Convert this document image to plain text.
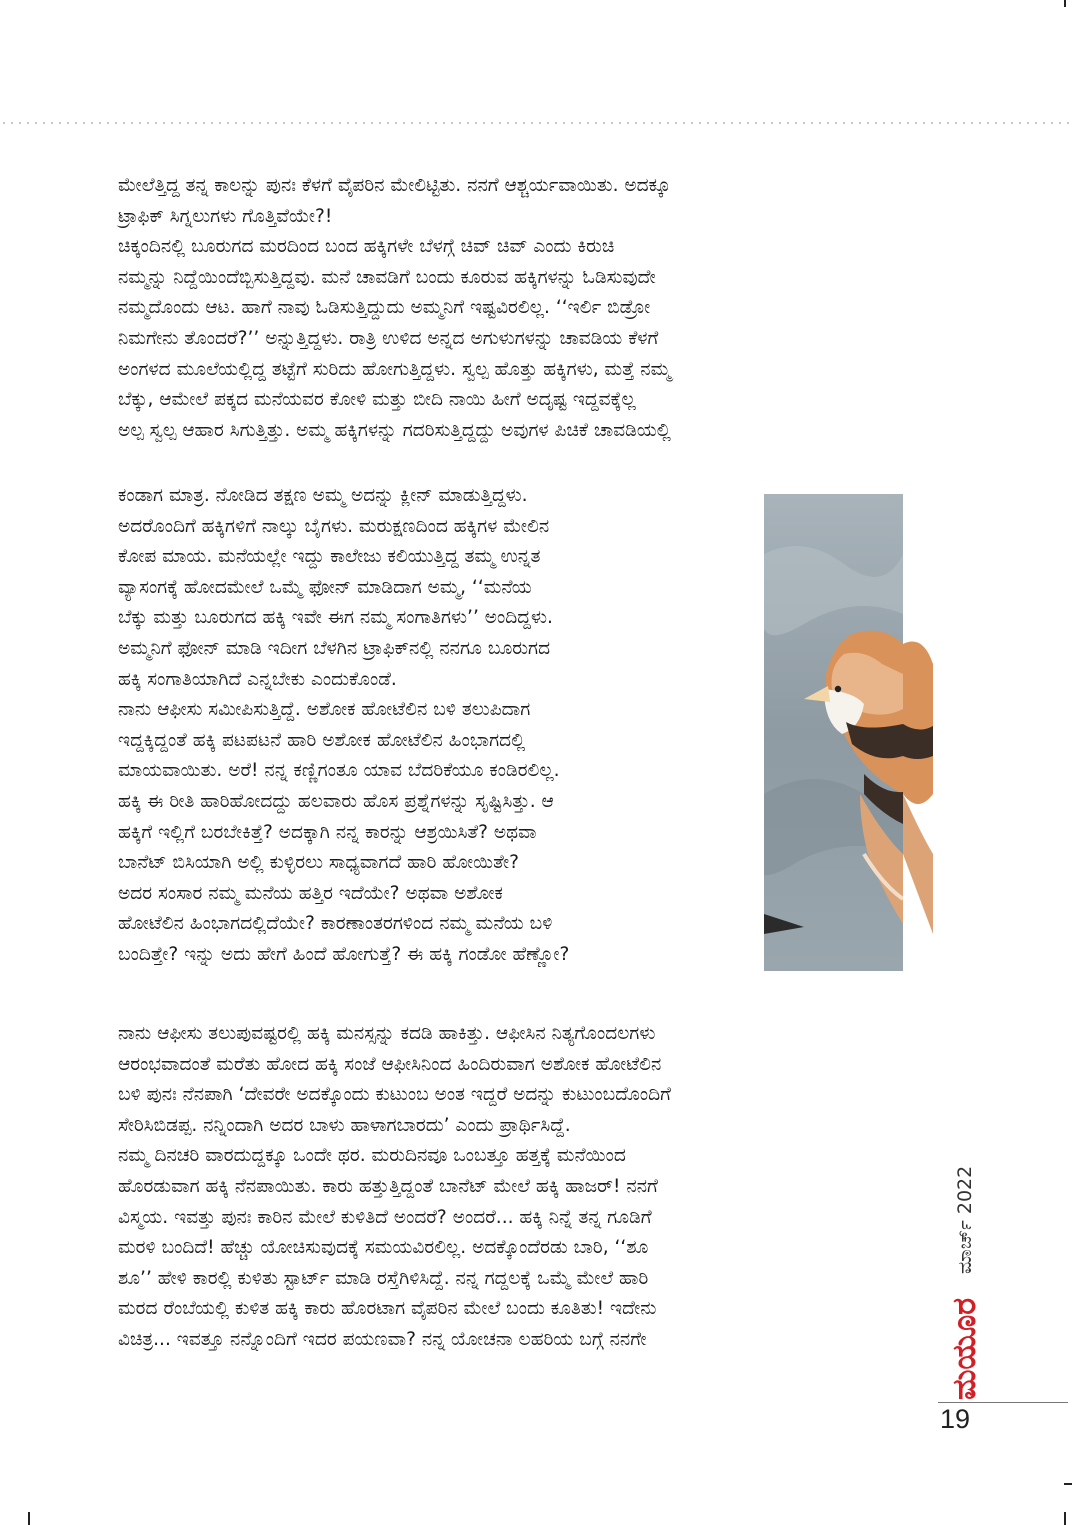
ಮೇಲೆತ್ತಿದ್ದ ತನ್ನ ಕಾಲನ್ನು ಪುನಃ ಕೆಳಗೆ ವೈಪರಿನ ಮೇಲಿಟ್ಟಿತು. ನನಗೆ ಆಶ್ಚರ್ಯವಾಯಿತು. ಅದಕ್ಕೂ
ಟ್ರಾಫಿಕ್ ಸಿಗ್ನಲುಗಳು ಗೊತ್ತಿವೆಯೇ?!
ಚಿಕ್ಕಂದಿನಲ್ಲಿ ಬೂರುಗದ ಮರದಿಂದ ಬಂದ ಹಕ್ಕಿಗಳೇ ಬೆಳಗ್ಗೆ ಚಿವ್ ಚಿವ್ ಎಂದು ಕಿರುಚಿ
ನಮ್ಮನ್ನು ನಿದ್ದೆಯಿಂದೆಬ್ಬಿಸುತ್ತಿದ್ದವು. ಮನೆ ಚಾವಡಿಗೆ ಬಂದು ಕೂರುವ ಹಕ್ಕಿಗಳನ್ನು ಓಡಿಸುವುದೇ
ನಮ್ಮದೊಂದು ಆಟ. ಹಾಗೆ ನಾವು ಓಡಿಸುತ್ತಿದ್ದುದು ಅಮ್ಮನಿಗೆ ಇಷ್ಟವಿರಲಿಲ್ಲ. ‘‘ಇರ್ಲಿ ಬಿಡ್ರೋ
ನಿಮಗೇನು ತೊಂದರೆ?’’ ಅನ್ನುತ್ತಿದ್ದಳು. ರಾತ್ರಿ ಉಳಿದ ಅನ್ನದ ಅಗುಳುಗಳನ್ನು ಚಾವಡಿಯ ಕೆಳಗೆ
ಅಂಗಳದ ಮೂಲೆಯಲ್ಲಿದ್ದ ತಟ್ಟೆಗೆ ಸುರಿದು ಹೋಗುತ್ತಿದ್ದಳು. ಸ್ವಲ್ಪ ಹೊತ್ತು ಹಕ್ಕಿಗಳು, ಮತ್ತೆ ನಮ್ಮ
ಬೆಕ್ಕು, ಆಮೇಲೆ ಪಕ್ಕದ ಮನೆಯವರ ಕೋಳಿ ಮತ್ತು ಬೀದಿ ನಾಯಿ ಹೀಗೆ ಅದೃಷ್ಟ ಇದ್ದವಕ್ಕೆಲ್ಲ
ಅಲ್ಪ ಸ್ವಲ್ಪ ಆಹಾರ ಸಿಗುತ್ತಿತ್ತು. ಅಮ್ಮ ಹಕ್ಕಿಗಳನ್ನು ಗದರಿಸುತ್ತಿದ್ದದ್ದು ಅವುಗಳ ಪಿಚಿಕೆ ಚಾವಡಿಯಲ್ಲಿ
ಕಂಡಾಗ ಮಾತ್ರ. ನೋಡಿದ ತಕ್ಷಣ ಅಮ್ಮ ಅದನ್ನು ಕ್ಲೀನ್ ಮಾಡುತ್ತಿದ್ದಳು.
ಅದರೊಂದಿಗೆ ಹಕ್ಕಿಗಳಿಗೆ ನಾಲ್ಕು ಬೈಗಳು. ಮರುಕ್ಷಣದಿಂದ ಹಕ್ಕಿಗಳ ಮೇಲಿನ
ಕೋಪ ಮಾಯ. ಮನೆಯಲ್ಲೇ ಇದ್ದು ಕಾಲೇಜು ಕಲಿಯುತ್ತಿದ್ದ ತಮ್ಮ ಉನ್ನತ
ವ್ಯಾಸಂಗಕ್ಕೆ ಹೋದಮೇಲೆ ಒಮ್ಮೆ ಫೋನ್ ಮಾಡಿದಾಗ ಅಮ್ಮ, ‘‘ಮನೆಯ
ಬೆಕ್ಕು ಮತ್ತು ಬೂರುಗದ ಹಕ್ಕಿ ಇವೇ ಈಗ ನಮ್ಮ ಸಂಗಾತಿಗಳು’’ ಅಂದಿದ್ದಳು.
ಅಮ್ಮನಿಗೆ ಫೋನ್ ಮಾಡಿ ಇದೀಗ ಬೆಳಗಿನ ಟ್ರಾಫಿಕ್‌ನಲ್ಲಿ ನನಗೂ ಬೂರುಗದ
ಹಕ್ಕಿ ಸಂಗಾತಿಯಾಗಿದೆ ಎನ್ನಬೇಕು ಎಂದುಕೊಂಡೆ.
ನಾನು ಆಫೀಸು ಸಮೀಪಿಸುತ್ತಿದ್ದೆ. ಅಶೋಕ ಹೋಟೆಲಿನ ಬಳಿ ತಲುಪಿದಾಗ
ಇದ್ದಕ್ಕಿದ್ದಂತೆ ಹಕ್ಕಿ ಪಟಪಟನೆ ಹಾರಿ ಅಶೋಕ ಹೋಟೆಲಿನ ಹಿಂಭಾಗದಲ್ಲಿ
ಮಾಯವಾಯಿತು. ಅರೆ! ನನ್ನ ಕಣ್ಣಿಗಂತೂ ಯಾವ ಬೆದರಿಕೆಯೂ ಕಂಡಿರಲಿಲ್ಲ.
ಹಕ್ಕಿ ಈ ರೀತಿ ಹಾರಿಹೋದದ್ದು ಹಲವಾರು ಹೊಸ ಪ್ರಶ್ನೆಗಳನ್ನು ಸೃಷ್ಟಿಸಿತ್ತು. ಆ
ಹಕ್ಕಿಗೆ ಇಲ್ಲಿಗೆ ಬರಬೇಕಿತ್ತೆ? ಅದಕ್ಕಾಗಿ ನನ್ನ ಕಾರನ್ನು ಆಶ್ರಯಿಸಿತೆ? ಅಥವಾ
ಬಾನೆಟ್ ಬಿಸಿಯಾಗಿ ಅಲ್ಲಿ ಕುಳ್ಳಿರಲು ಸಾಧ್ಯವಾಗದೆ ಹಾರಿ ಹೋಯಿತೇ?
ಅದರ ಸಂಸಾರ ನಮ್ಮ ಮನೆಯ ಹತ್ತಿರ ಇದೆಯೇ? ಅಥವಾ ಅಶೋಕ
ಹೋಟೆಲಿನ ಹಿಂಭಾಗದಲ್ಲಿದೆಯೇ? ಕಾರಣಾಂತರಗಳಿಂದ ನಮ್ಮ ಮನೆಯ ಬಳಿ
ಬಂದಿತ್ತೇ? ಇನ್ನು ಅದು ಹೇಗೆ ಹಿಂದೆ ಹೋಗುತ್ತೆ? ಈ ಹಕ್ಕಿ ಗಂಡೋ ಹೆಣ್ಣೋ?
ನಾನು ಆಫೀಸು ತಲುಪುವಷ್ಟರಲ್ಲಿ ಹಕ್ಕಿ ಮನಸ್ಸನ್ನು ಕದಡಿ ಹಾಕಿತ್ತು. ಆಫೀಸಿನ ನಿತ್ಯಗೊಂದಲಗಳು
ಆರಂಭವಾದಂತೆ ಮರೆತು ಹೋದ ಹಕ್ಕಿ ಸಂಜೆ ಆಫೀಸಿನಿಂದ ಹಿಂದಿರುವಾಗ ಅಶೋಕ ಹೋಟೆಲಿನ
ಬಳಿ ಪುನಃ ನೆನಪಾಗಿ ‘ದೇವರೇ ಅದಕ್ಕೊಂದು ಕುಟುಂಬ ಅಂತ ಇದ್ದರೆ ಅದನ್ನು ಕುಟುಂಬದೊಂದಿಗೆ
ಸೇರಿಸಿಬಿಡಪ್ಪ. ನನ್ನಿಂದಾಗಿ ಅದರ ಬಾಳು ಹಾಳಾಗಬಾರದು’ ಎಂದು ಪ್ರಾರ್ಥಿಸಿದ್ದೆ.
ನಮ್ಮ ದಿನಚರಿ ವಾರದುದ್ದಕ್ಕೂ ಒಂದೇ ಥರ. ಮರುದಿನವೂ ಒಂಬತ್ತೂ ಹತ್ತಕ್ಕೆ ಮನೆಯಿಂದ
ಹೊರಡುವಾಗ ಹಕ್ಕಿ ನೆನಪಾಯಿತು. ಕಾರು ಹತ್ತುತ್ತಿದ್ದಂತೆ ಬಾನೆಟ್ ಮೇಲೆ ಹಕ್ಕಿ ಹಾಜರ್! ನನಗೆ
ವಿಸ್ಮಯ. ಇವತ್ತು ಪುನಃ ಕಾರಿನ ಮೇಲೆ ಕುಳಿತಿದೆ ಅಂದರೆ? ಅಂದರೆ... ಹಕ್ಕಿ ನಿನ್ನೆ ತನ್ನ ಗೂಡಿಗೆ
ಮರಳಿ ಬಂದಿದೆ! ಹೆಚ್ಚು ಯೋಚಿಸುವುದಕ್ಕೆ ಸಮಯವಿರಲಿಲ್ಲ. ಅದಕ್ಕೊಂದೆರಡು ಬಾರಿ, ‘‘ಶೂ
ಶೂ’’ ಹೇಳಿ ಕಾರಲ್ಲಿ ಕುಳಿತು ಸ್ಟಾರ್ಟ್ ಮಾಡಿ ರಸ್ತೆಗಿಳಿಸಿದ್ದೆ. ನನ್ನ ಗದ್ದಲಕ್ಕೆ ಒಮ್ಮೆ ಮೇಲೆ ಹಾರಿ
ಮರದ ರೆಂಬೆಯಲ್ಲಿ ಕುಳಿತ ಹಕ್ಕಿ ಕಾರು ಹೊರಟಾಗ ವೈಪರಿನ ಮೇಲೆ ಬಂದು ಕೂತಿತು! ಇದೇನು
ವಿಚಿತ್ರ... ಇವತ್ತೂ ನನ್ನೊಂದಿಗೆ ಇದರ ಪಯಣವಾ? ನನ್ನ ಯೋಚನಾ ಲಹರಿಯ ಬಗ್ಗೆ ನನಗೇ	ಮಯೂರ
ಮಾರ್ಚ್ 2022
19
